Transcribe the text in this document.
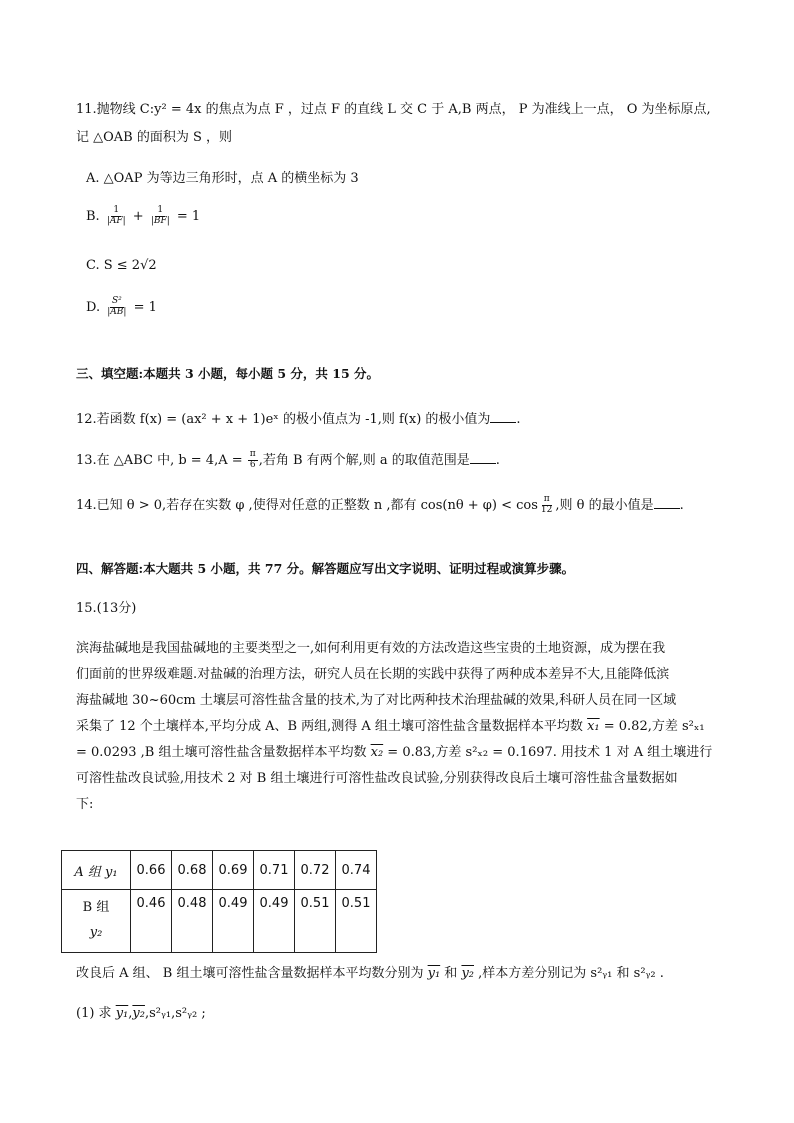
11.抛物线 C:y² = 4x 的焦点为点 F ，过点 F 的直线 L 交 C 于 A,B 两点， P 为准线上一点， O 为坐标原点,
记 △OAB 的面积为 S ，则
A. △OAP 为等边三角形时，点 A 的横坐标为 3
B. $\frac{1}{|AF|} + \frac{1}{|BF|} = 1$
C. S ≤ 2√2
D. $\frac{\text{S²}}{|AB|} = 1$
三、填空题:本题共 3 小题，每小题 5 分，共 15 分。
12.若函数 f(x) = (ax² + x + 1)eˣ 的极小值点为 -1,则 f(x) 的极小值为 .
13.在 △ABC 中, $b = 4,A = \frac{\pi}{6}$ ,若角 B 有两个解,则 a 的取值范围是 .
14.已知 θ > 0,若存在实数 φ ,使得对任意的正整数 n ,都有 $\cos(n\theta + \varphi) < \cos \frac{\pi}{12}$ ,则 θ 的最小值是 .
四、解答题:本大题共 5 小题，共 77 分。解答题应写出文字说明、证明过程或演算步骤。
15.(13分)
滨海盐碱地是我国盐碱地的主要类型之一,如何利用更有效的方法改造这些宝贵的土地资源，成为摆在我
们面前的世界级难题.对盐碱的治理方法，研究人员在长期的实践中获得了两种成本差异不大,且能降低滨
海盐碱地 30~60cm 土壤层可溶性盐含量的技术,为了对比两种技术治理盐碱的效果,科研人员在同一区域
采集了 12 个土壤样本,平均分成 A、B 两组,测得 A 组土壤可溶性盐含量数据样本平均数 x₁ = 0.82,方差 s²ₓ₁
= 0.0293 ,B 组土壤可溶性盐含量数据样本平均数 x₂ = 0.83,方差 s²ₓ₂ = 0.1697. 用技术 1 对 A 组土壤进行
可溶性盐改良试验,用技术 2 对 B 组土壤进行可溶性盐改良试验,分别获得改良后土壤可溶性盐含量数据如
下:
A 组 y₁	0.66	0.68	0.69	0.71	0.72	0.74

B 组
y₂	0.46	0.48	0.49	0.49	0.51	0.51
改良后 A 组、 B 组土壤可溶性盐含量数据样本平均数分别为 y₁ 和 y₂ ,样本方差分别记为 s²ᵧ₁ 和 s²ᵧ₂ .
(1) 求 y₁,y₂,s²ᵧ₁,s²ᵧ₂ ;
